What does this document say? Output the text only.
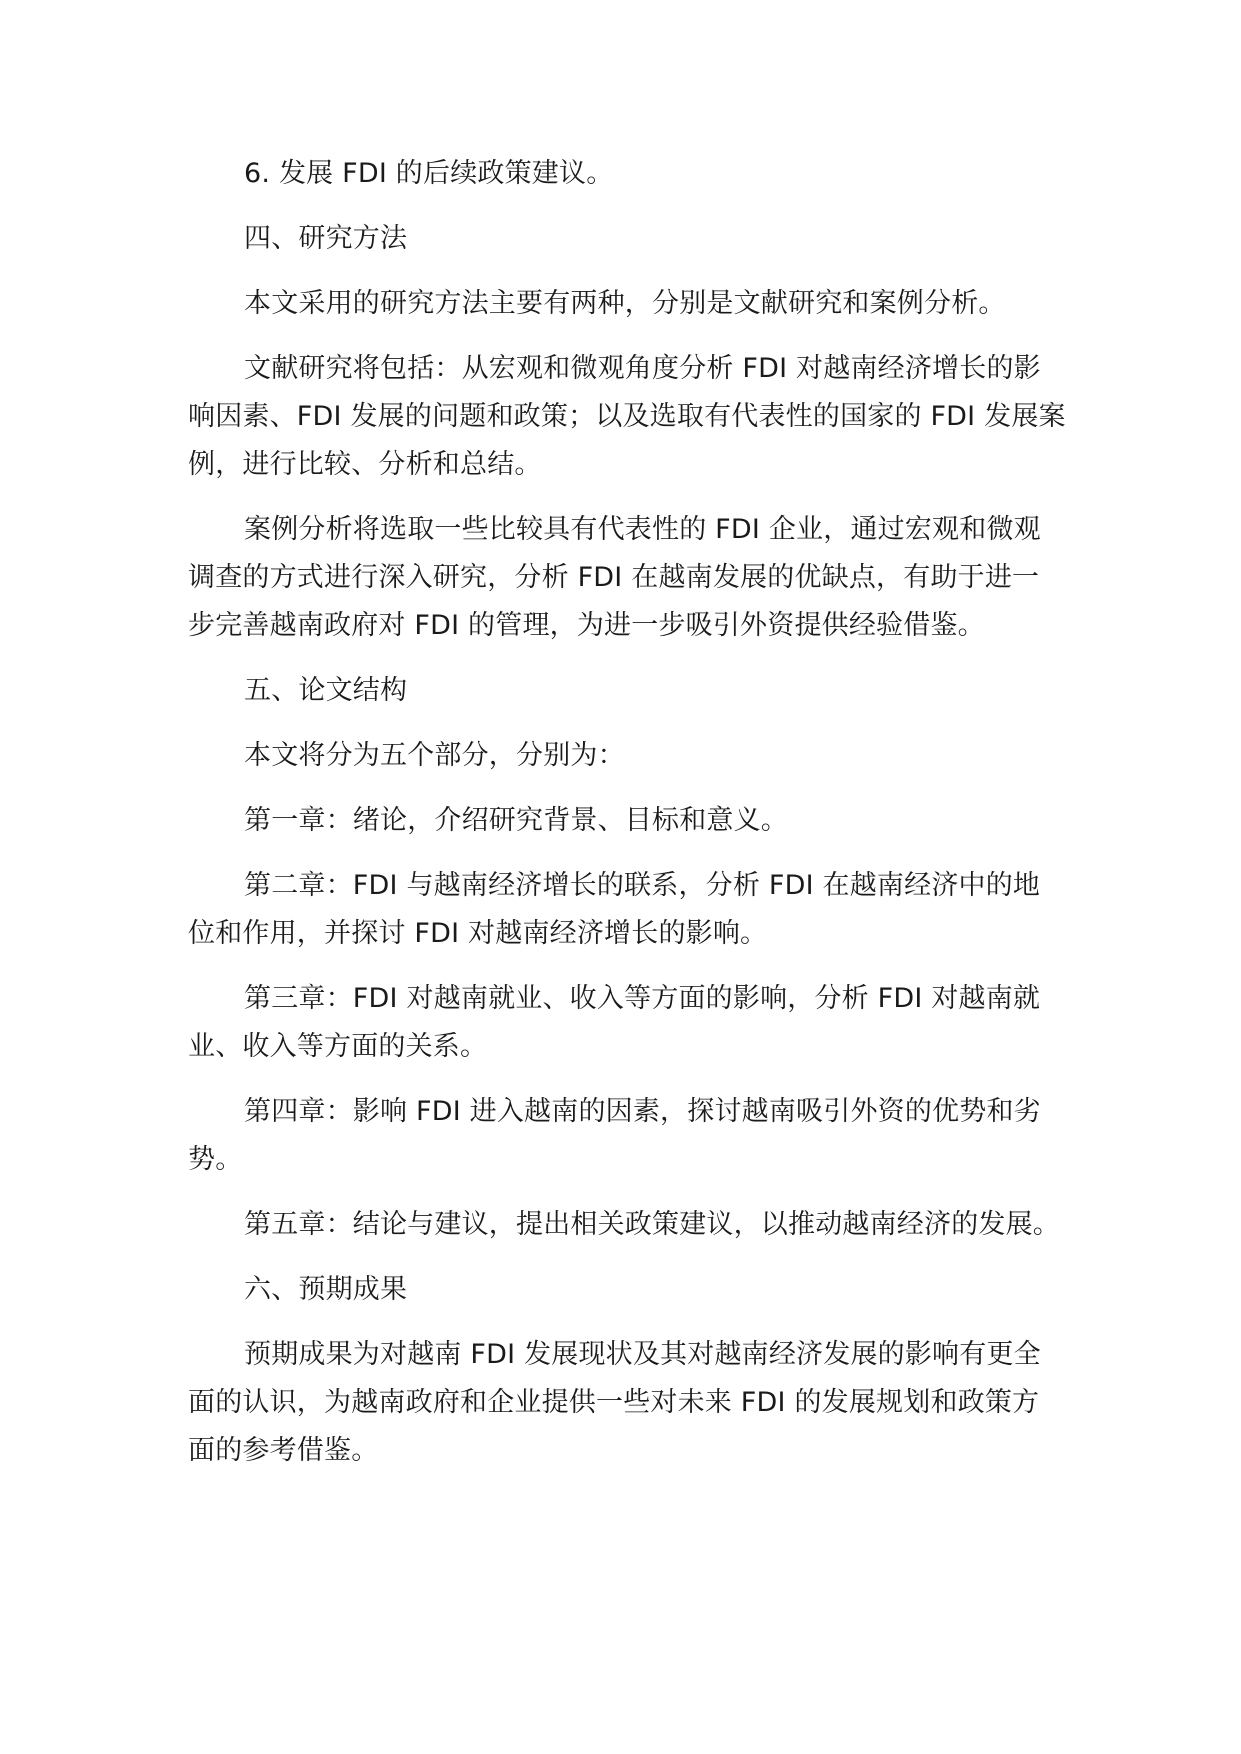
6. 发展 FDI 的后续政策建议。

四、研究方法

本文采用的研究方法主要有两种，分别是文献研究和案例分析。

文献研究将包括：从宏观和微观角度分析 FDI 对越南经济增长的影
响因素、FDI 发展的问题和政策；以及选取有代表性的国家的 FDI 发展案
例，进行比较、分析和总结。

案例分析将选取一些比较具有代表性的 FDI 企业，通过宏观和微观
调查的方式进行深入研究，分析 FDI 在越南发展的优缺点，有助于进一
步完善越南政府对 FDI 的管理，为进一步吸引外资提供经验借鉴。

五、论文结构

本文将分为五个部分，分别为：

第一章：绪论，介绍研究背景、目标和意义。

第二章：FDI 与越南经济增长的联系，分析 FDI 在越南经济中的地
位和作用，并探讨 FDI 对越南经济增长的影响。

第三章：FDI 对越南就业、收入等方面的影响，分析 FDI 对越南就
业、收入等方面的关系。

第四章：影响 FDI 进入越南的因素，探讨越南吸引外资的优势和劣
势。

第五章：结论与建议，提出相关政策建议，以推动越南经济的发展。

六、预期成果

预期成果为对越南 FDI 发展现状及其对越南经济发展的影响有更全
面的认识，为越南政府和企业提供一些对未来 FDI 的发展规划和政策方
面的参考借鉴。
